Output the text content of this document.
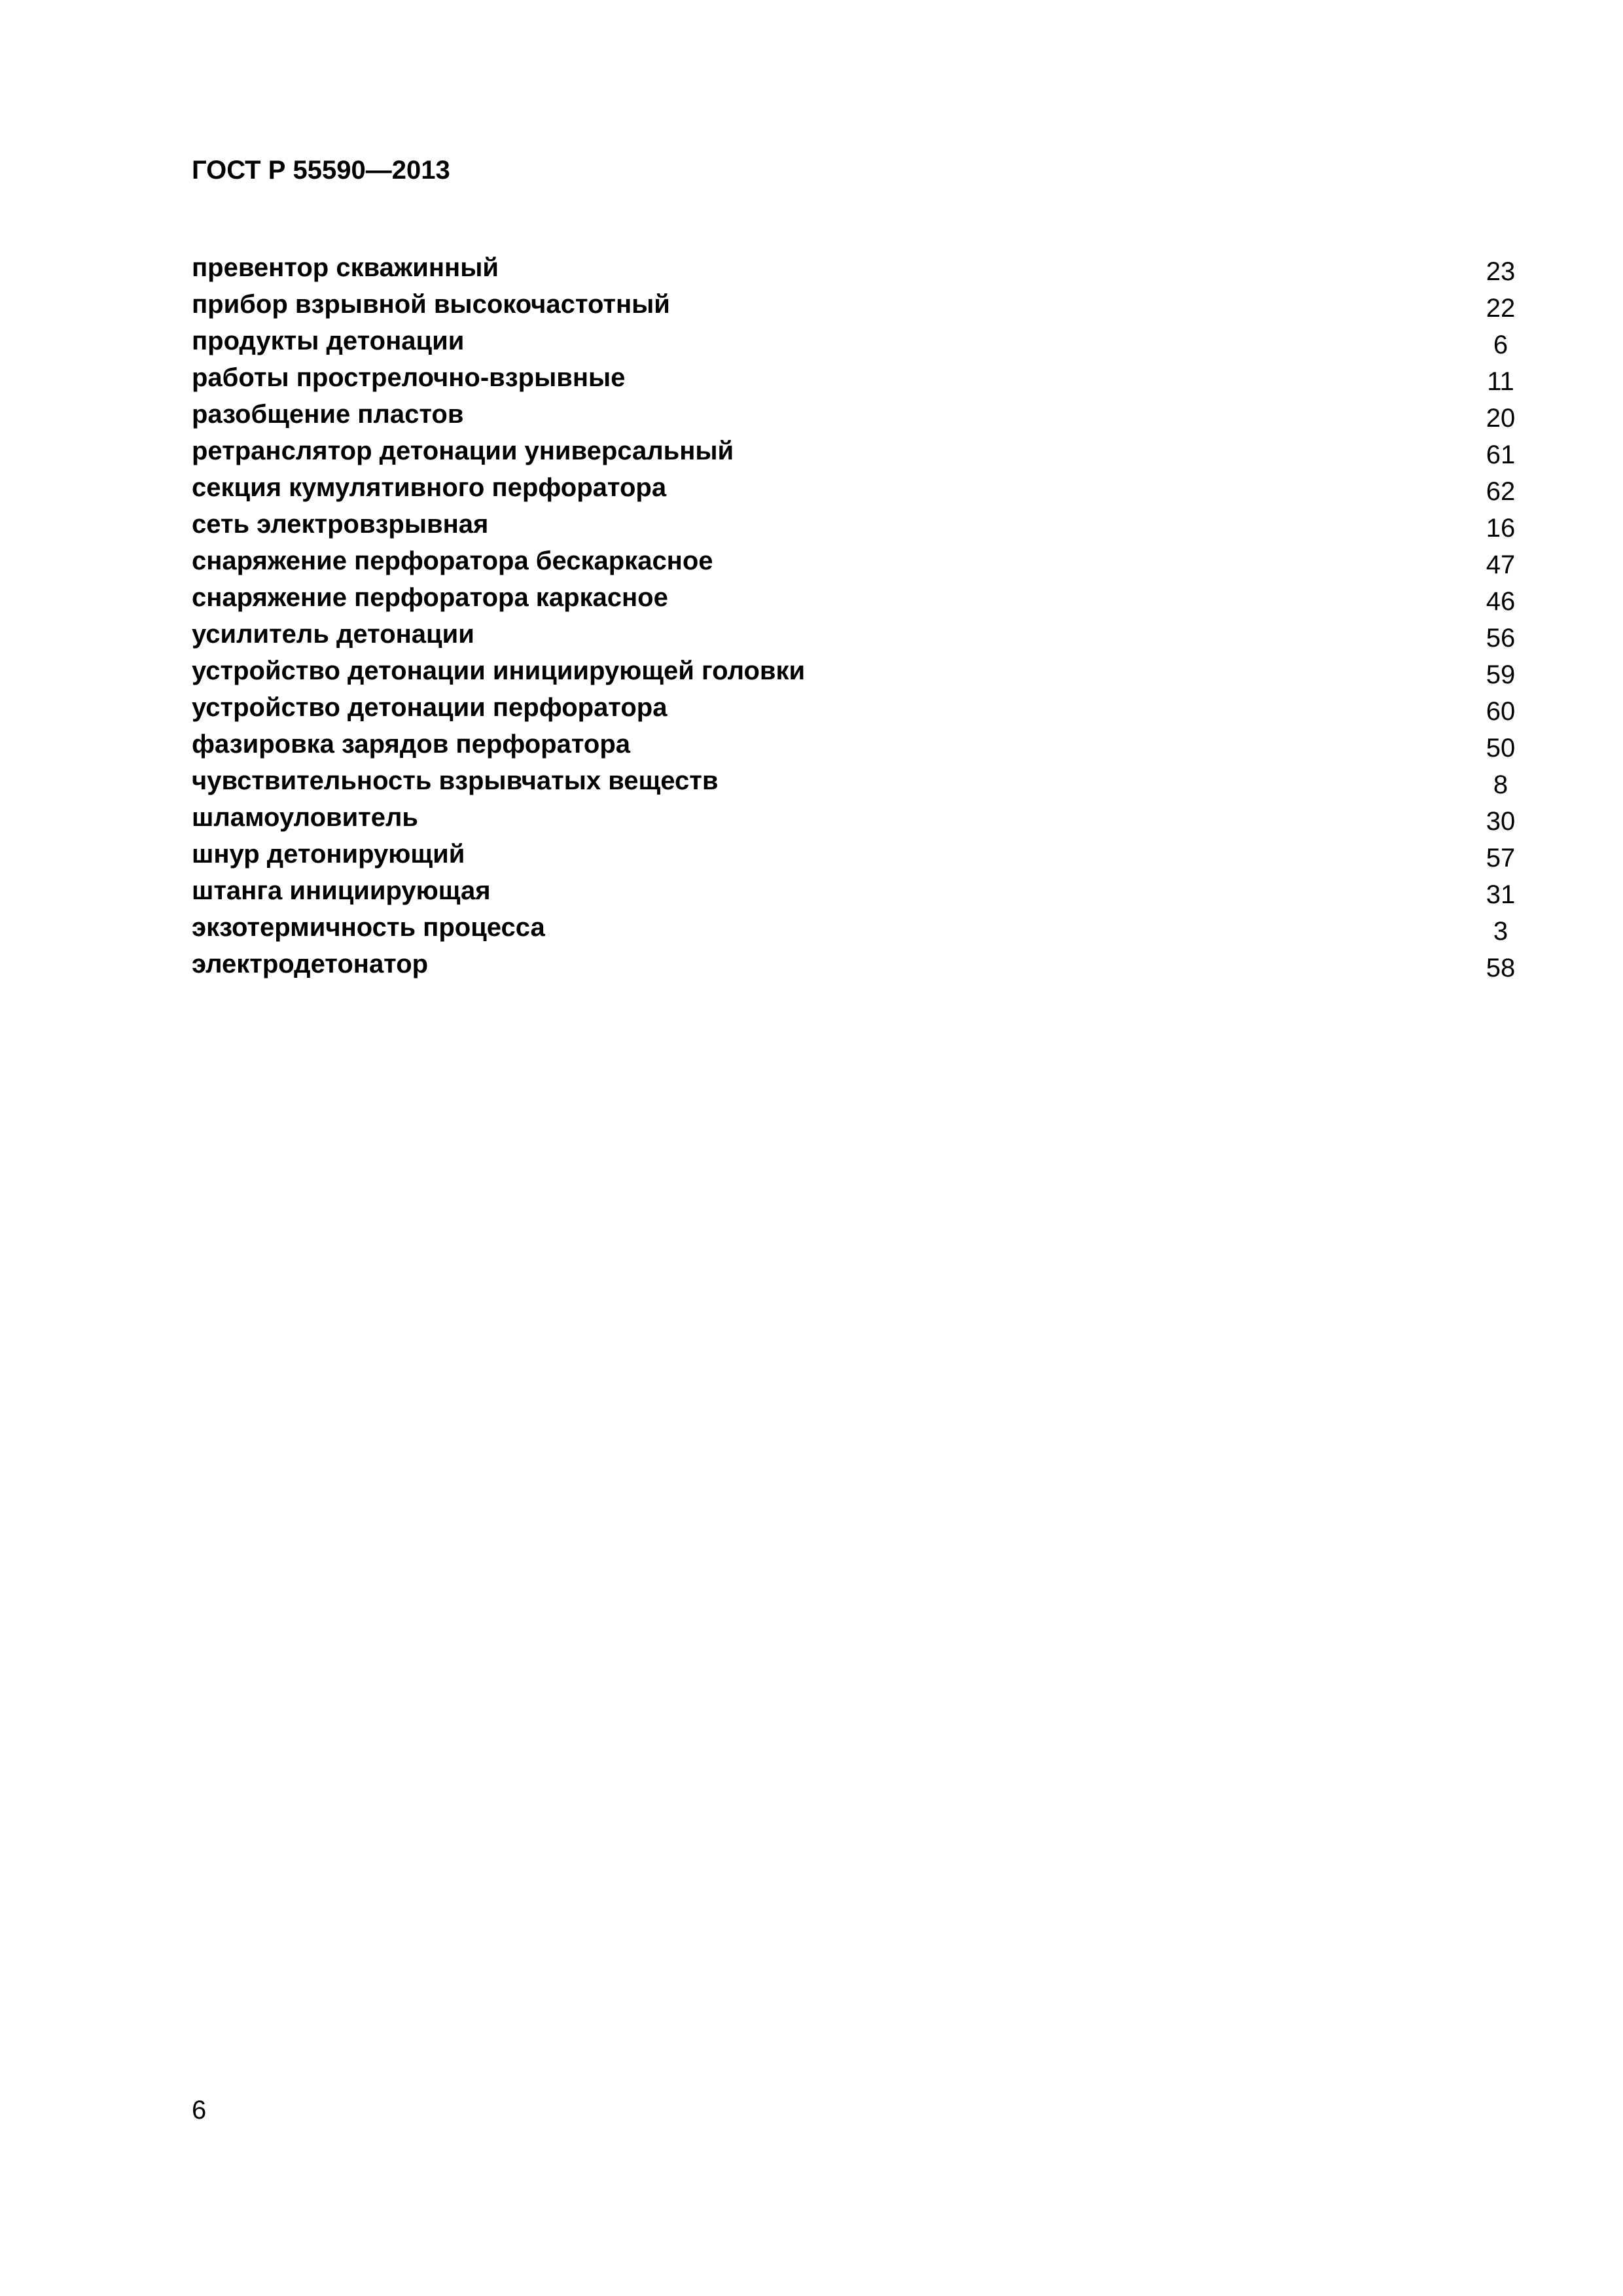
ГОСТ Р 55590—2013
превентор скважинный	23
прибор взрывной высокочастотный	22
продукты детонации	6
работы прострелочно-взрывные	11
разобщение пластов	20
ретранслятор детонации универсальный	61
секция кумулятивного перфоратора	62
сеть электровзрывная	16
снаряжение перфоратора бескаркасное	47
снаряжение перфоратора каркасное	46
усилитель детонации	56
устройство детонации инициирующей головки	59
устройство детонации перфоратора	60
фазировка зарядов перфоратора	50
чувствительность взрывчатых веществ	8
шламоуловитель	30
шнур детонирующий	57
штанга инициирующая	31
экзотермичность процесса	3
электродетонатор	58
6
